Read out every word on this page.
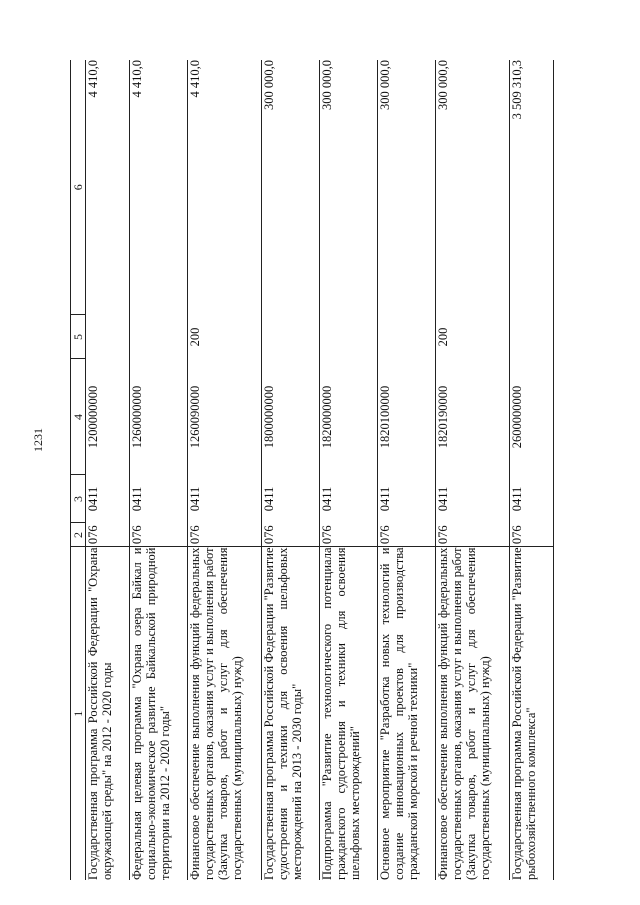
1231
1	2	3	4	5	6

Государственная программа Российской Федерации "Охрана окружающей среды" на 2012 - 2020 годы	076	0411	1200000000		4 410,0

Федеральная целевая программа "Охрана озера Байкал и социально-экономическое развитие Байкальской природной территории на 2012 - 2020 годы"	076	0411	1260000000		4 410,0

Финансовое обеспечение выполнения функций федеральных государственных органов, оказания услуг и выполнения работ (Закупка товаров, работ и услуг для обеспечения государственных (муниципальных) нужд)	076	0411	1260090000	200	4 410,0

Государственная программа Российской Федерации "Развитие судостроения и техники для освоения шельфовых месторождений на 2013 - 2030 годы"	076	0411	1800000000		300 000,0

Подпрограмма "Развитие технологического потенциала гражданского судостроения и техники для освоения шельфовых месторождений"	076	0411	1820000000		300 000,0

Основное мероприятие "Разработка новых технологий и создание инновационных проектов для производства гражданской морской и речной техники"	076	0411	1820100000		300 000,0

Финансовое обеспечение выполнения функций федеральных государственных органов, оказания услуг и выполнения работ (Закупка товаров, работ и услуг для обеспечения государственных (муниципальных) нужд)	076	0411	1820190000	200	300 000,0

Государственная программа Российской Федерации "Развитие рыбохозяйственного комплекса"	076	0411	2600000000		3 509 310,3
